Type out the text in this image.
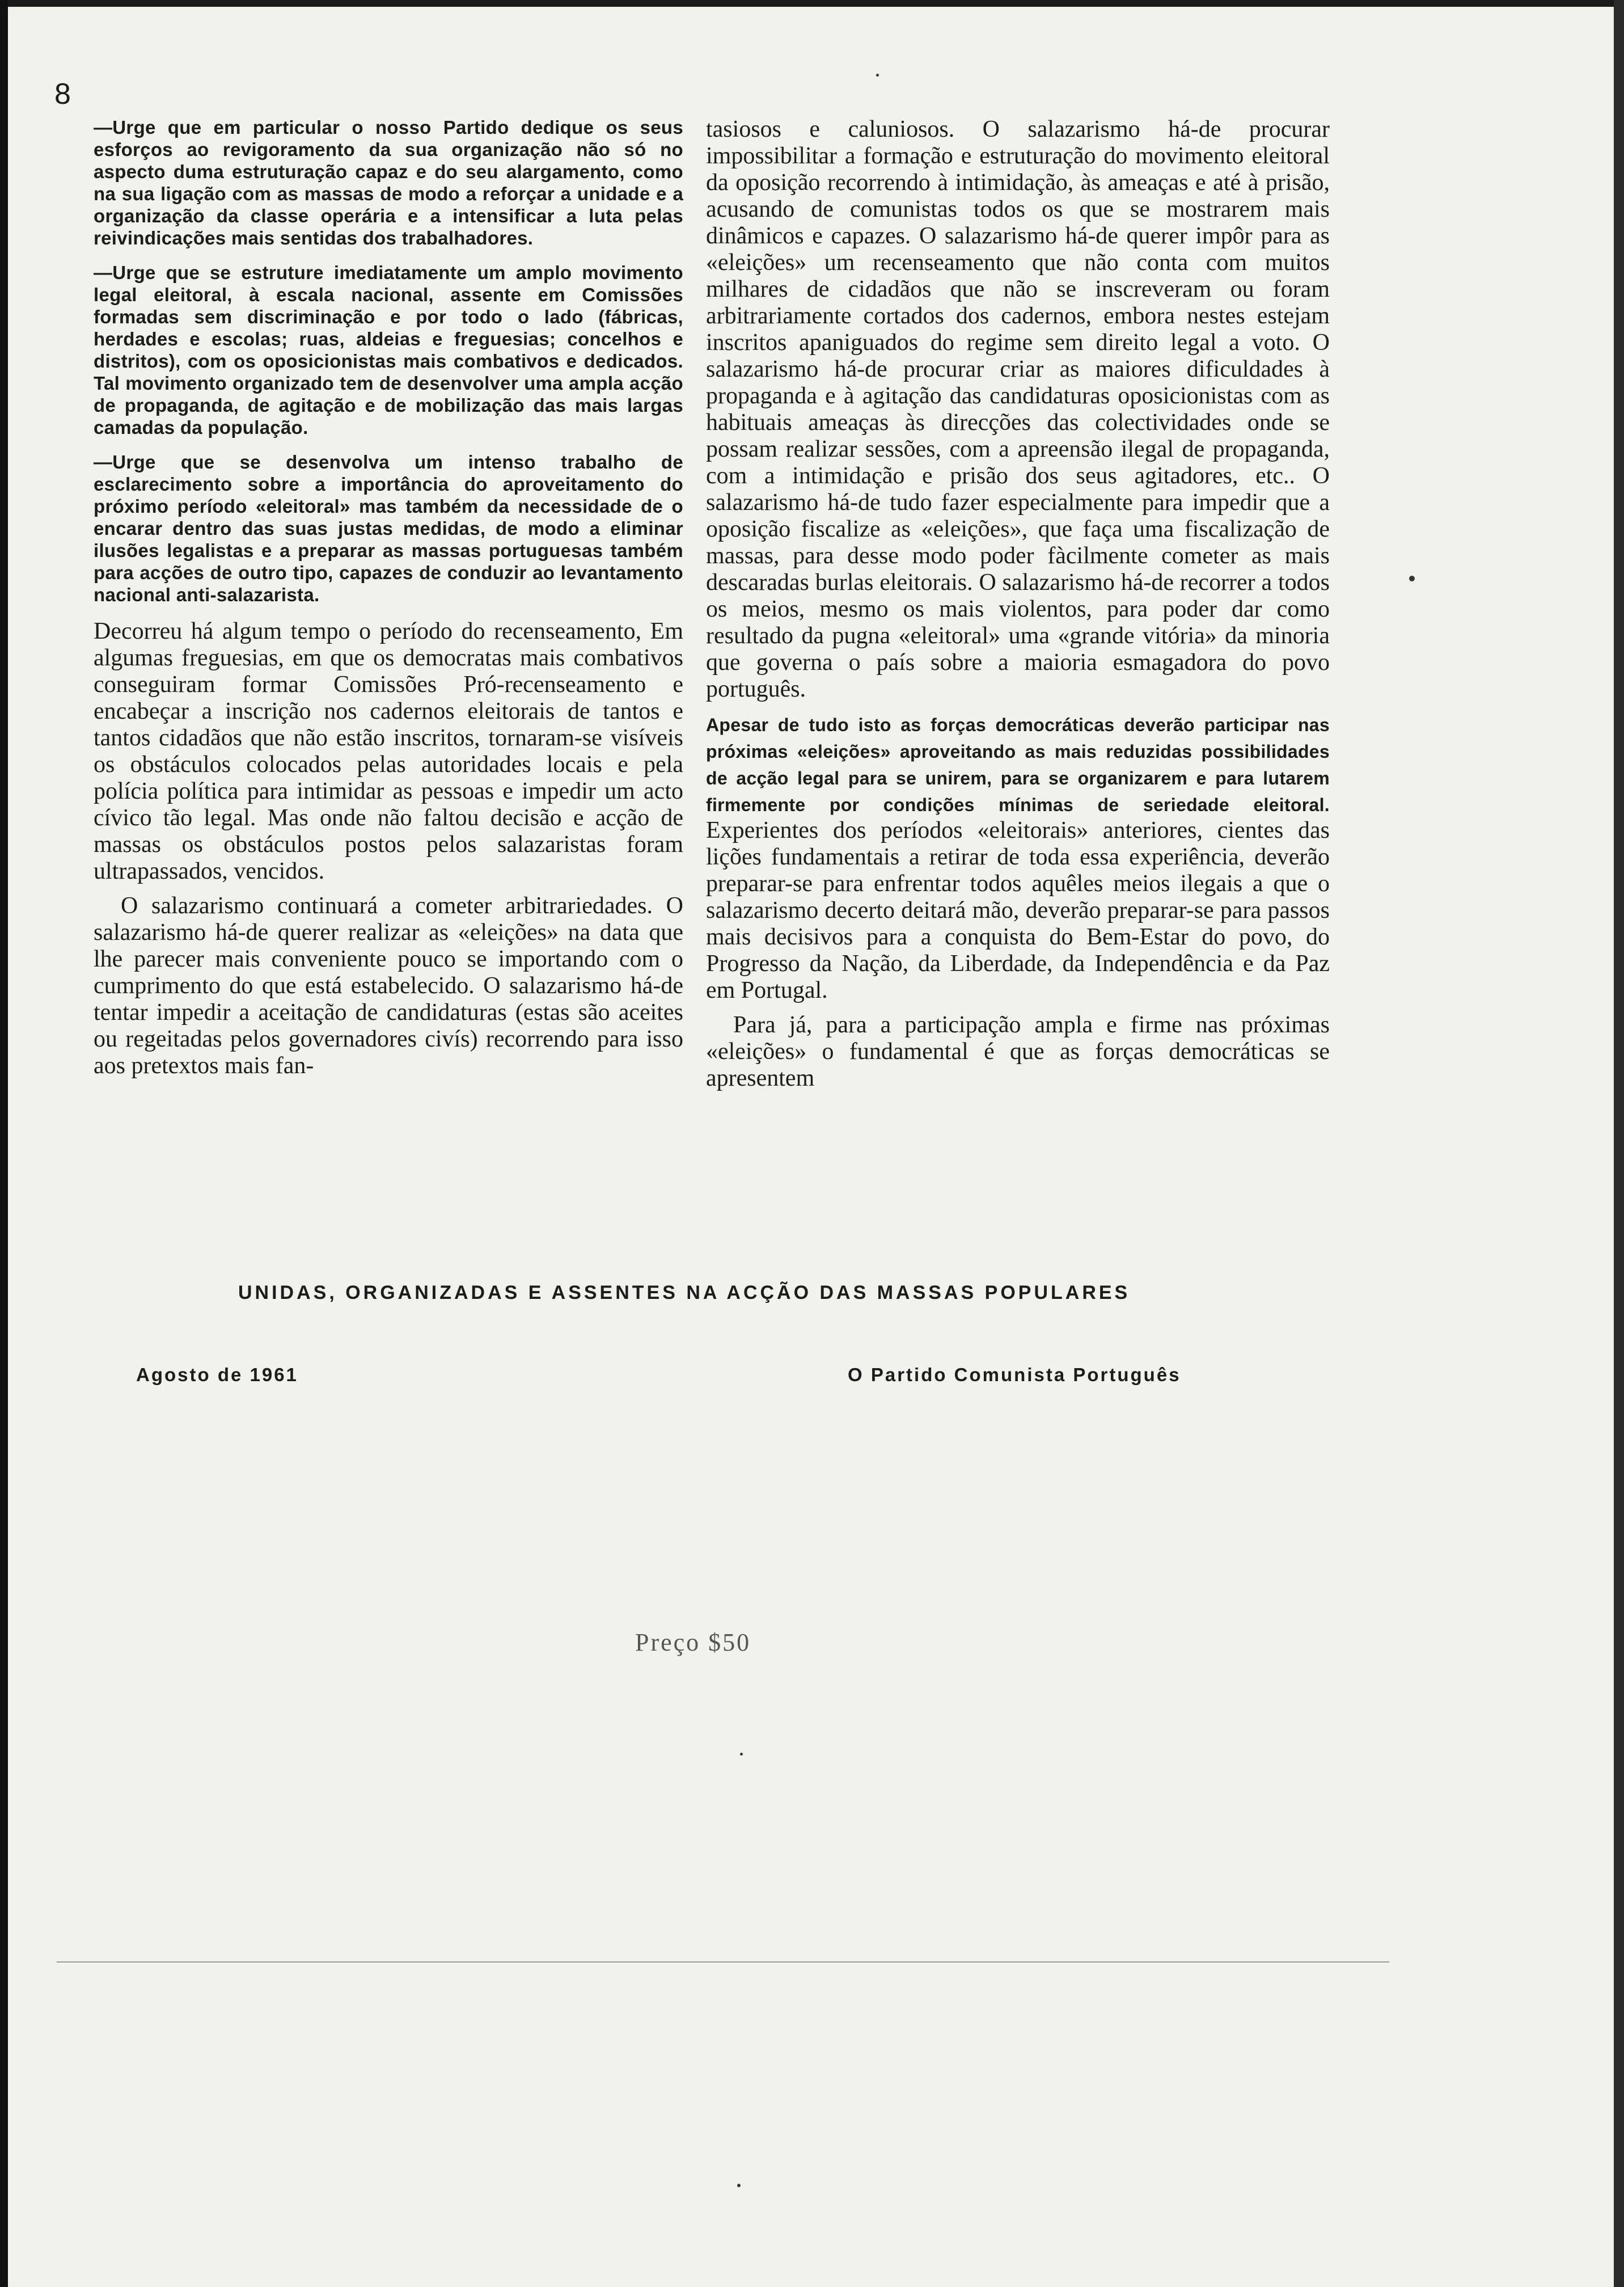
8

—Urge que em particular o nosso Partido dedique os seus esforços ao revigoramento da sua organização não só no aspecto duma estruturação capaz e do seu alargamento, como na sua ligação com as massas de modo a reforçar a unidade e a organização da classe operária e a intensificar a luta pelas reivindicações mais sentidas dos trabalhadores.

—Urge que se estruture imediatamente um amplo movimento legal eleitoral, à escala nacional, assente em Comissões formadas sem discriminação e por todo o lado (fábricas, herdades e escolas; ruas, aldeias e freguesias; concelhos e distritos), com os oposicionistas mais combativos e dedicados. Tal movimento organizado tem de desenvolver uma ampla acção de propaganda, de agitação e de mobilização das mais largas camadas da população.

—Urge que se desenvolva um intenso trabalho de esclarecimento sobre a importância do aproveitamento do próximo período «eleitoral» mas também da necessidade de o encarar dentro das suas justas medidas, de modo a eliminar ilusões legalistas e a preparar as massas portuguesas também para acções de outro tipo, capazes de conduzir ao levantamento nacional anti-salazarista.

Decorreu há algum tempo o período do recenseamento, Em algumas freguesias, em que os democratas mais combativos conseguiram formar Comissões Pró-recenseamento e encabeçar a inscrição nos cadernos eleitorais de tantos e tantos cidadãos que não estão inscritos, tornaram-se visíveis os obstáculos colocados pelas autoridades locais e pela polícia política para intimidar as pessoas e impedir um acto cívico tão legal. Mas onde não faltou decisão e acção de massas os obstáculos postos pelos salazaristas foram ultrapassados, vencidos.

O salazarismo continuará a cometer arbitrariedades. O salazarismo há-de querer realizar as «eleições» na data que lhe parecer mais conveniente pouco se importando com o cumprimento do que está estabelecido. O salazarismo há-de tentar impedir a aceitação de candidaturas (estas são aceites ou regeitadas pelos governadores civís) recorrendo para isso aos pretextos mais fan-

tasiosos e caluniosos. O salazarismo há-de procurar impossibilitar a formação e estruturação do movimento eleitoral da oposição recorrendo à intimidação, às ameaças e até à prisão, acusando de comunistas todos os que se mostrarem mais dinâmicos e capazes. O salazarismo há-de querer impôr para as «eleições» um recenseamento que não conta com muitos milhares de cidadãos que não se inscreveram ou foram arbitrariamente cortados dos cadernos, embora nestes estejam inscritos apaniguados do regime sem direito legal a voto. O salazarismo há-de procurar criar as maiores dificuldades à propaganda e à agitação das candidaturas oposicionistas com as habituais ameaças às direcções das colectividades onde se possam realizar sessões, com a apreensão ilegal de propaganda, com a intimidação e prisão dos seus agitadores, etc.. O salazarismo há-de tudo fazer especialmente para impedir que a oposição fiscalize as «eleições», que faça uma fiscalização de massas, para desse modo poder fàcilmente cometer as mais descaradas burlas eleitorais. O salazarismo há-de recorrer a todos os meios, mesmo os mais violentos, para poder dar como resultado da pugna «eleitoral» uma «grande vitória» da minoria que governa o país sobre a maioria esmagadora do povo português.

Apesar de tudo isto as forças democráticas deverão participar nas próximas «eleições» aproveitando as mais reduzidas possibilidades de acção legal para se unirem, para se organizarem e para lutarem firmemente por condições mínimas de seriedade eleitoral. Experientes dos períodos «eleitorais» anteriores, cientes das lições fundamentais a retirar de toda essa experiência, deverão preparar-se para enfrentar todos aquêles meios ilegais a que o salazarismo decerto deitará mão, deverão preparar-se para passos mais decisivos para a conquista do Bem-Estar do povo, do Progresso da Nação, da Liberdade, da Independência e da Paz em Portugal.

Para já, para a participação ampla e firme nas próximas «eleições» o fundamental é que as forças democráticas se apresentem

UNIDAS, ORGANIZADAS E ASSENTES NA ACÇÃO DAS MASSAS POPULARES
Agosto de 1961	O Partido Comunista Português
Preço $50
